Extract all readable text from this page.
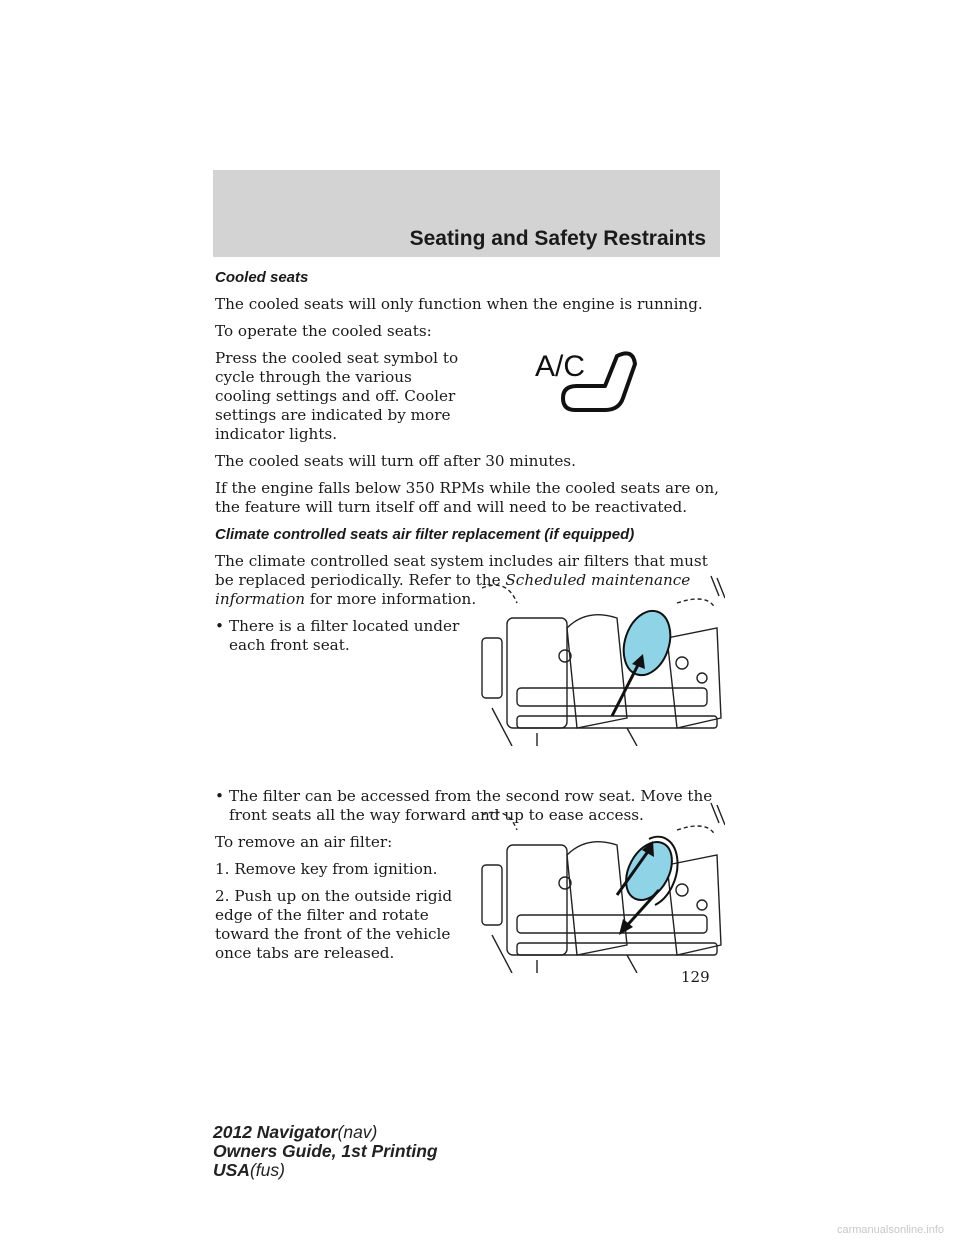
Seating and Safety Restraints
Cooled seats

The cooled seats will only function when the engine is running.

To operate the cooled seats:

Press the cooled seat symbol to cycle through the various cooling settings and off. Cooler settings are indicated by more indicator lights.

The cooled seats will turn off after 30 minutes.

If the engine falls below 350 RPMs while the cooled seats are on, the feature will turn itself off and will need to be reactivated.

Climate controlled seats air filter replacement (if equipped)

The climate controlled seat system includes air filters that must be replaced periodically. Refer to the Scheduled maintenance information for more information.

• There is a filter located under each front seat.
• The filter can be accessed from the second row seat. Move the front seats all the way forward and up to ease access.

To remove an air filter:

1. Remove key from ignition.

2. Push up on the outside rigid edge of the filter and rotate toward the front of the vehicle once tabs are released.

A/C
129
2012 Navigator(nav)
Owners Guide, 1st Printing
USA(fus)
carmanualsonline.info
